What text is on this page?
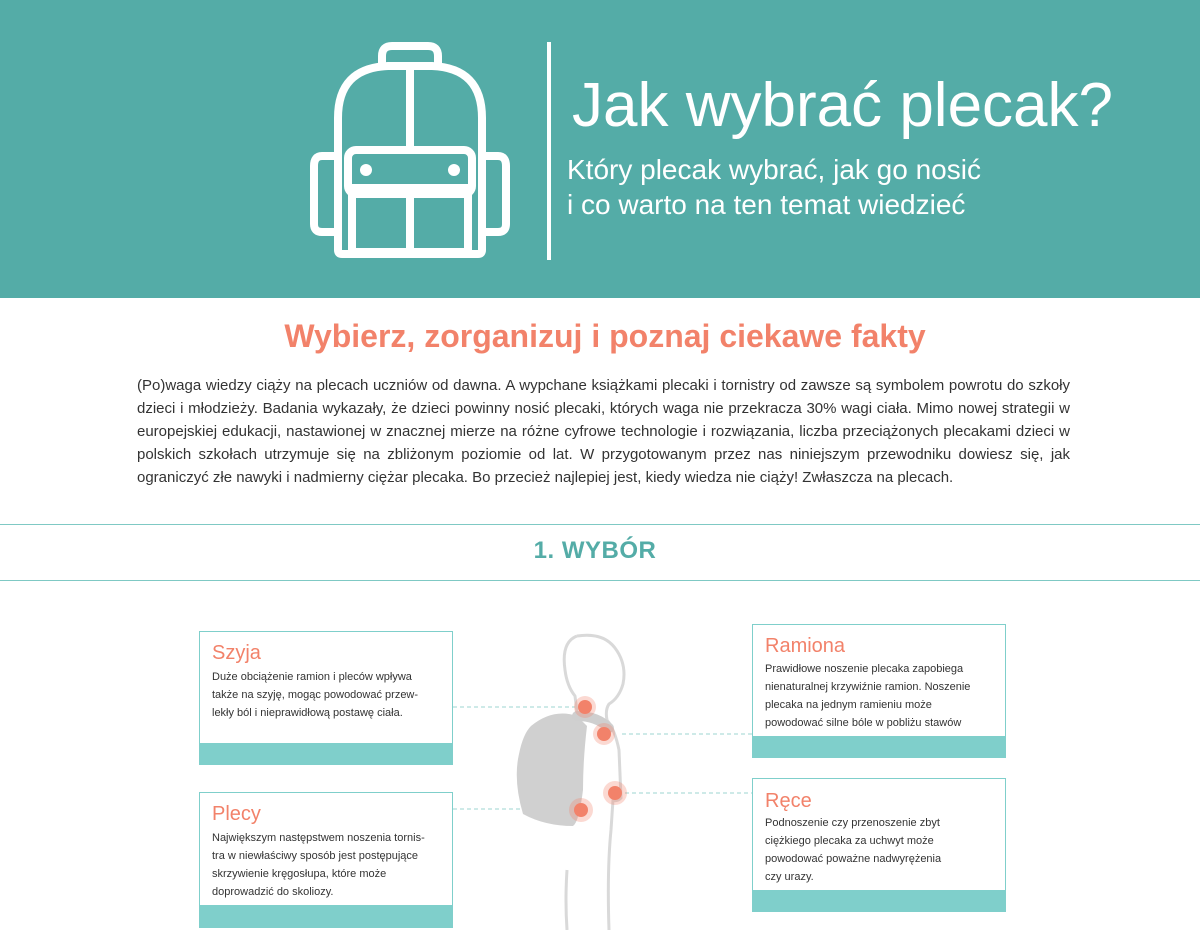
Jak wybrać plecak?
Który plecak wybrać, jak go nosić
i co warto na ten temat wiedzieć
Wybierz, zorganizuj i poznaj ciekawe fakty

(Po)waga wiedzy ciąży na plecach uczniów od dawna. A wypchane książkami plecaki i tornistry od zawsze są symbolem powrotu do szkoły dzieci i młodzieży. Badania wykazały, że dzieci powinny nosić plecaki, których waga nie przekracza 30% wagi ciała. Mimo nowej strategii w europejskiej edukacji, nastawionej w znacznej mierze na różne cyfrowe technologie i rozwiązania, liczba przeciążonych plecakami dzieci w polskich szkołach utrzymuje się na zbliżonym poziomie od lat. W przygotowanym przez nas niniejszym przewodniku dowiesz się, jak ograniczyć złe nawyki i nadmierny ciężar plecaka. Bo przecież najlepiej jest, kiedy wiedza nie ciąży! Zwłaszcza na plecach.

1. WYBÓR
Szyja
Duże obciążenie ramion i pleców wpływa
także na szyję, mogąc powodować przew-
lekły ból i nieprawidłową postawę ciała.
Ramiona
Prawidłowe noszenie plecaka zapobiega
nienaturalnej krzywiźnie ramion. Noszenie
plecaka na jednym ramieniu może
powodować silne bóle w pobliżu stawów
Plecy
Największym następstwem noszenia tornis-
tra w niewłaściwy sposób jest postępujące
skrzywienie kręgosłupa, które może
doprowadzić do skoliozy.
Ręce
Podnoszenie czy przenoszenie zbyt
ciężkiego plecaka za uchwyt może
powodować poważne nadwyrężenia
czy urazy.
